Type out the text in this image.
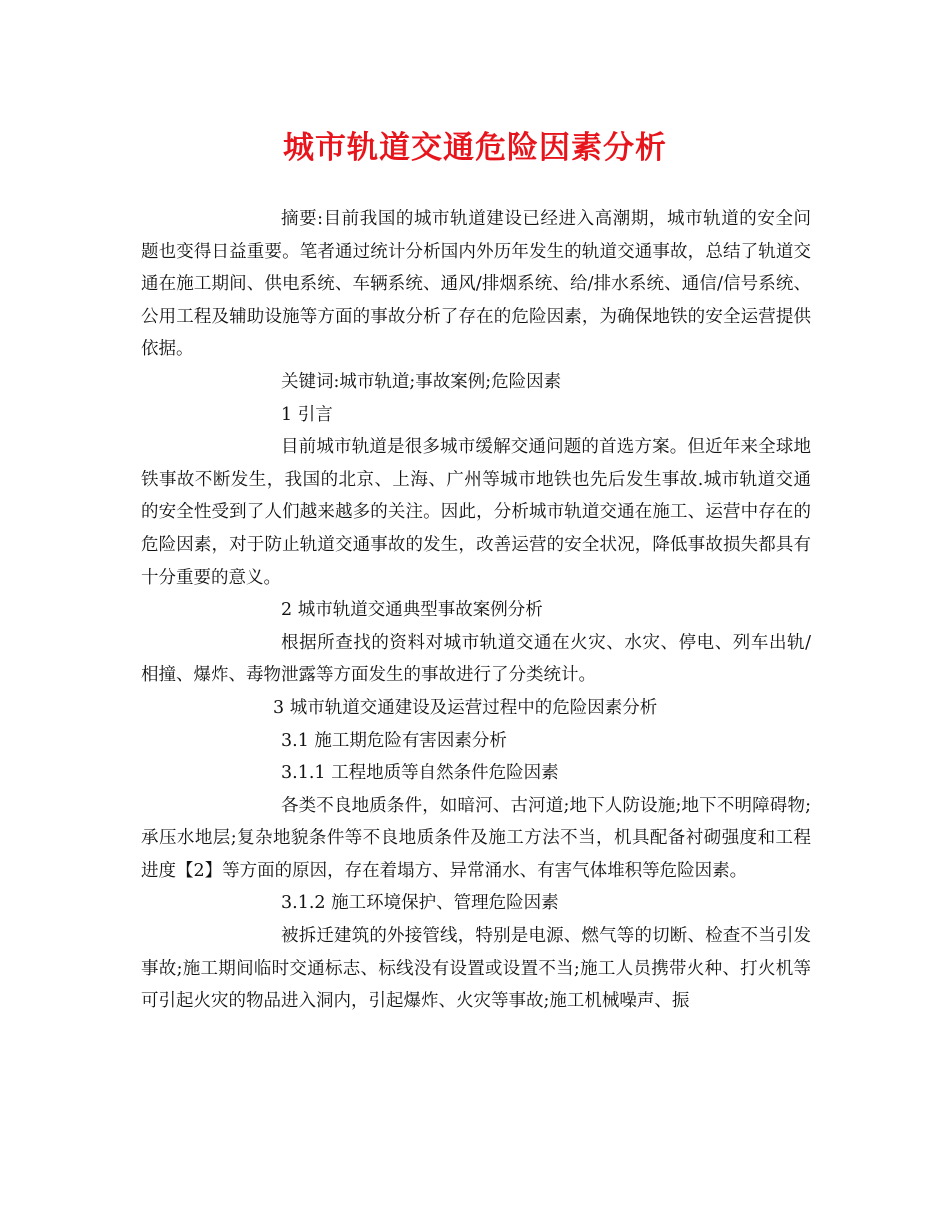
城市轨道交通危险因素分析

摘要:目前我国的城市轨道建设已经进入高潮期，城市轨道的安全问题也变得日益重要。笔者通过统计分析国内外历年发生的轨道交通事故，总结了轨道交通在施工期间、供电系统、车辆系统、通风/排烟系统、给/排水系统、通信/信号系统、公用工程及辅助设施等方面的事故分析了存在的危险因素，为确保地铁的安全运营提供依据。

关键词:城市轨道;事故案例;危险因素

1 引言

目前城市轨道是很多城市缓解交通问题的首选方案。但近年来全球地铁事故不断发生，我国的北京、上海、广州等城市地铁也先后发生事故.城市轨道交通的安全性受到了人们越来越多的关注。因此，分析城市轨道交通在施工、运营中存在的危险因素，对于防止轨道交通事故的发生，改善运营的安全状况，降低事故损失都具有十分重要的意义。

2 城市轨道交通典型事故案例分析

根据所查找的资料对城市轨道交通在火灾、水灾、停电、列车出轨/相撞、爆炸、毒物泄露等方面发生的事故进行了分类统计。

3 城市轨道交通建设及运营过程中的危险因素分析

3.1 施工期危险有害因素分析

3.1.1 工程地质等自然条件危险因素

各类不良地质条件，如暗河、古河道;地下人防设施;地下不明障碍物;承压水地层;复杂地貌条件等不良地质条件及施工方法不当，机具配备衬砌强度和工程进度【2】等方面的原因，存在着塌方、异常涌水、有害气体堆积等危险因素。

3.1.2 施工环境保护、管理危险因素

被拆迁建筑的外接管线，特别是电源、燃气等的切断、检查不当引发事故;施工期间临时交通标志、标线没有设置或设置不当;施工人员携带火种、打火机等可引起火灾的物品进入洞内，引起爆炸、火灾等事故;施工机械噪声、振
